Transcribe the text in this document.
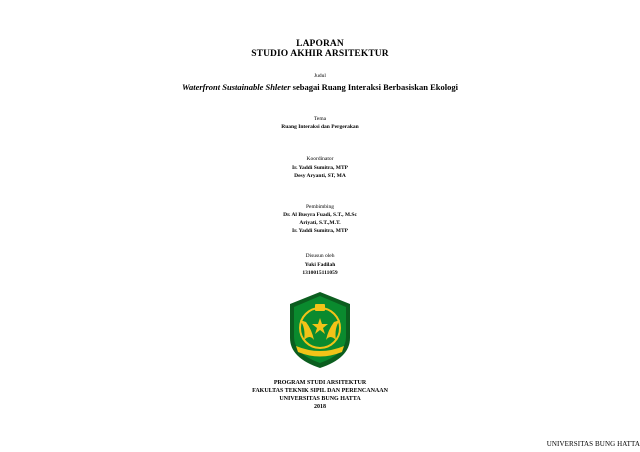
LAPORAN
STUDIO AKHIR ARSITEKTUR
Judul
Waterfront Sustainable Shleter sebagai Ruang Interaksi Berbasiskan Ekologi
Tema
Ruang Interaksi dan Pergerakan
Koordinator
Ir. Yaddi Sumitra, MTP
Desy Aryanti, ST, MA
Pembimbing
Dr. Al Busyra Fuadi, S.T., M.Sc
Ariyati, S.T.,M.T.
Ir. Yaddi Sumitra, MTP
Disusun oleh
Yuki Fadilah
1310015111059
PROGRAM STUDI ARSITEKTUR
FAKULTAS TEKNIK SIPIL DAN PERENCANAAN
UNIVERSITAS BUNG HATTA
2018
UNIVERSITAS BUNG HATTA
